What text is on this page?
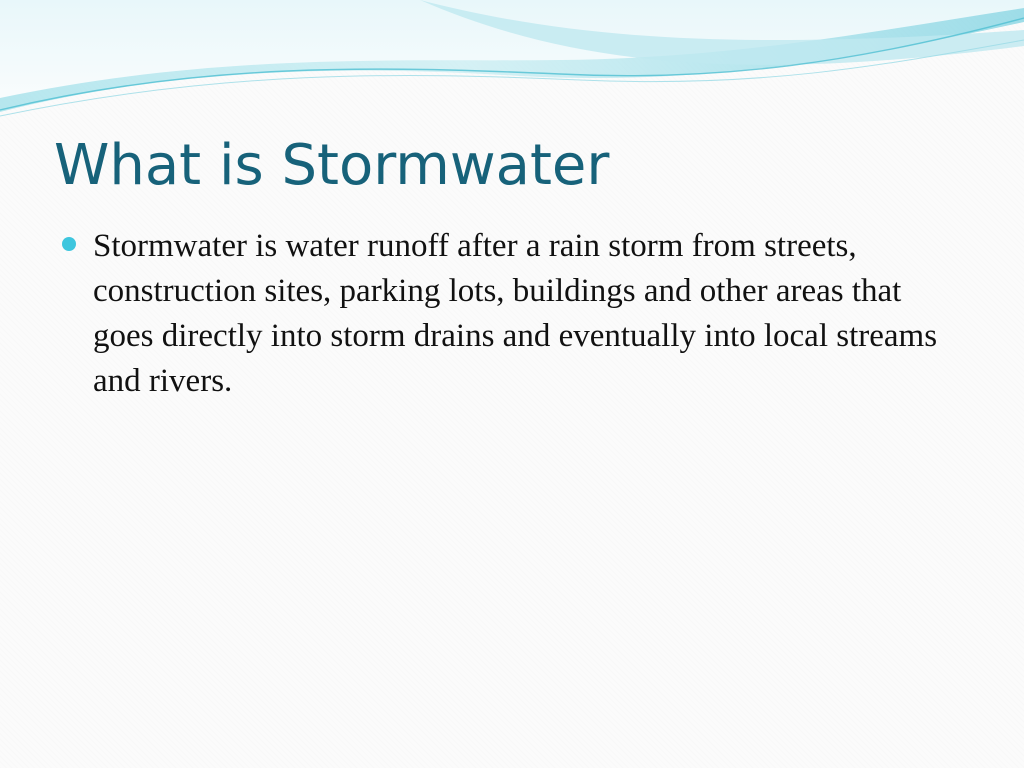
What is Stormwater
Stormwater is water runoff after a rain storm from streets, construction sites, parking lots, buildings and other areas that goes directly into storm drains and eventually into local streams and rivers.
